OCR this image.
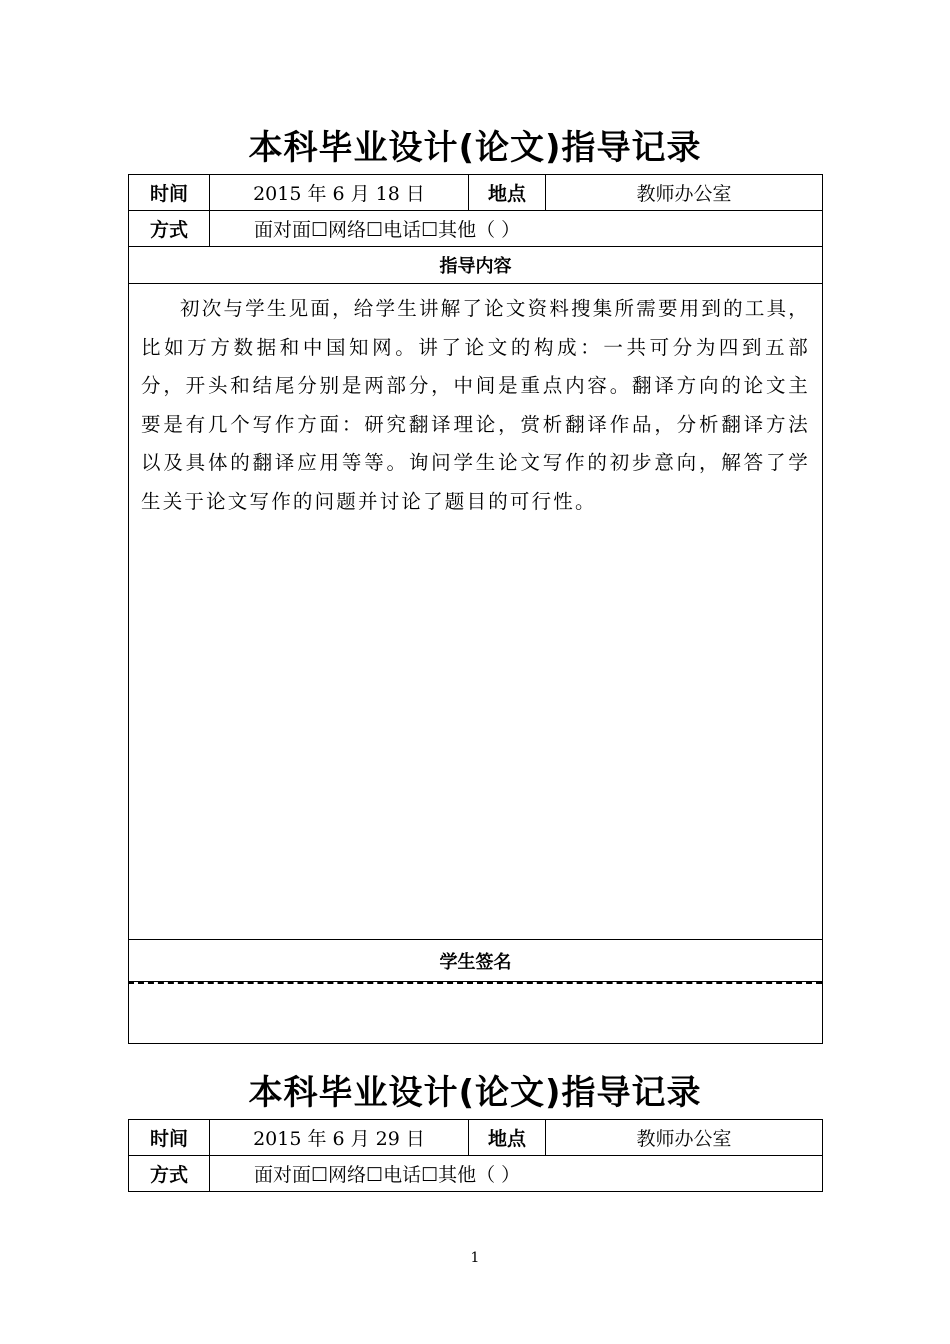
本科毕业设计(论文)指导记录
时间	2015 年 6 月 18 日	地点	教师办公室
方式	面对面☐网络☐电话☐其他（ ）		
指导内容			

初次与学生见面，给学生讲解了论文资料搜集所需要用到的工具，比如万方数据和中国知网。讲了论文的构成：一共可分为四到五部分，开头和结尾分别是两部分，中间是重点内容。翻译方向的论文主要是有几个写作方面：研究翻译理论，赏析翻译作品，分析翻译方法以及具体的翻译应用等等。询问学生论文写作的初步意向，解答了学生关于论文写作的问题并讨论了题目的可行性。			

学生签名			

本科毕业设计(论文)指导记录
时间	2015 年 6 月 29 日	地点	教师办公室
方式	面对面☐网络☐电话☐其他（ ）		
1
